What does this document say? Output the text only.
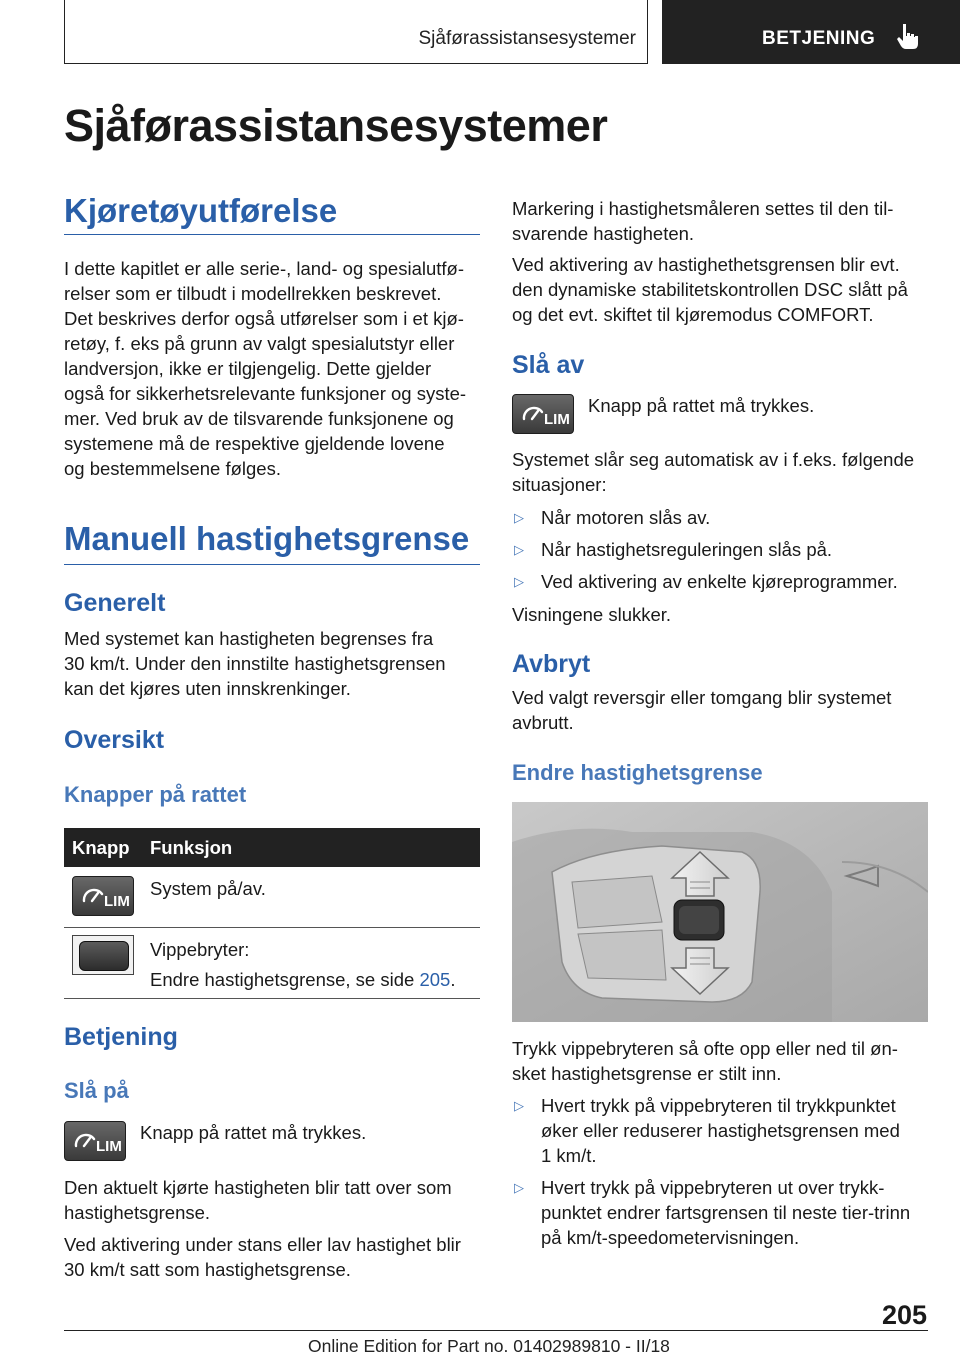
Sjåførassistansesystemer	BETJENING
Sjåførassistansesystemer
Kjøretøyutførelse

I dette kapitlet er alle serie-, land- og spesialutfø-
relser som er tilbudt i modellrekken beskrevet.
Det beskrives derfor også utførelser som i et kjø-
retøy, f. eks på grunn av valgt spesialutstyr eller
landversjon, ikke er tilgjengelig. Dette gjelder
også for sikkerhetsrelevante funksjoner og syste-
mer. Ved bruk av de tilsvarende funksjonene og
systemene må de respektive gjeldende lovene
og bestemmelsene følges.

Manuell hastighetsgrense
Generelt

Med systemet kan hastigheten begrenses fra
30 km/t. Under den innstilte hastighetsgrensen
kan det kjøres uten innskrenkinger.

Oversikt
Knapper på rattet
Knapp Funksjon
LIM
System på/av.
Vippebryter:
Endre hastighetsgrense, se side 205.
Betjening
Slå på
LIM
Knapp på rattet må trykkes.

Den aktuelt kjørte hastigheten blir tatt over som
hastighetsgrense.

Ved aktivering under stans eller lav hastighet blir
30 km/t satt som hastighetsgrense.

Markering i hastighetsmåleren settes til den til-
svarende hastigheten.

Ved aktivering av hastighethetsgrensen blir evt.
den dynamiske stabilitetskontrollen DSC slått på
og det evt. skiftet til kjøremodus COMFORT.

Slå av
LIM
Knapp på rattet må trykkes.

Systemet slår seg automatisk av i f.eks. følgende
situasjoner:

▷ Når motoren slås av.
▷ Når hastighetsreguleringen slås på.
▷ Ved aktivering av enkelte kjøreprogrammer.
Visningene slukker.
Avbryt

Ved valgt reversgir eller tomgang blir systemet
avbrutt.

Endre hastighetsgrense

Trykk vippebryteren så ofte opp eller ned til øn-
sket hastighetsgrense er stilt inn.

▷ Hvert trykk på vippebryteren til trykkpunktet
øker eller reduserer hastighetsgrensen med
1 km/t.
▷ Hvert trykk på vippebryteren ut over trykk-
punktet endrer fartsgrensen til neste tier-trinn
på km/t-speedometervisningen.
205
Online Edition for Part no. 01402989810 - II/18
